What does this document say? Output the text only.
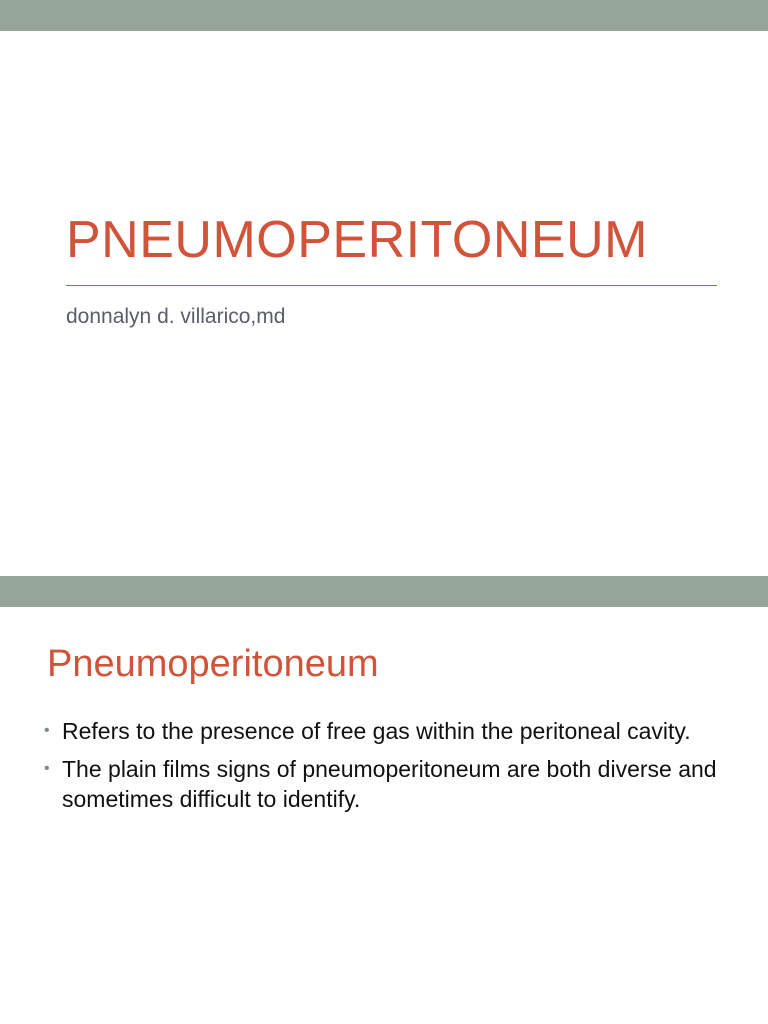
PNEUMOPERITONEUM
donnalyn d. villarico,md
Pneumoperitoneum
• Refers to the presence of free gas within the peritoneal cavity.
• The plain films signs of pneumoperitoneum are both diverse and sometimes difficult to identify.
